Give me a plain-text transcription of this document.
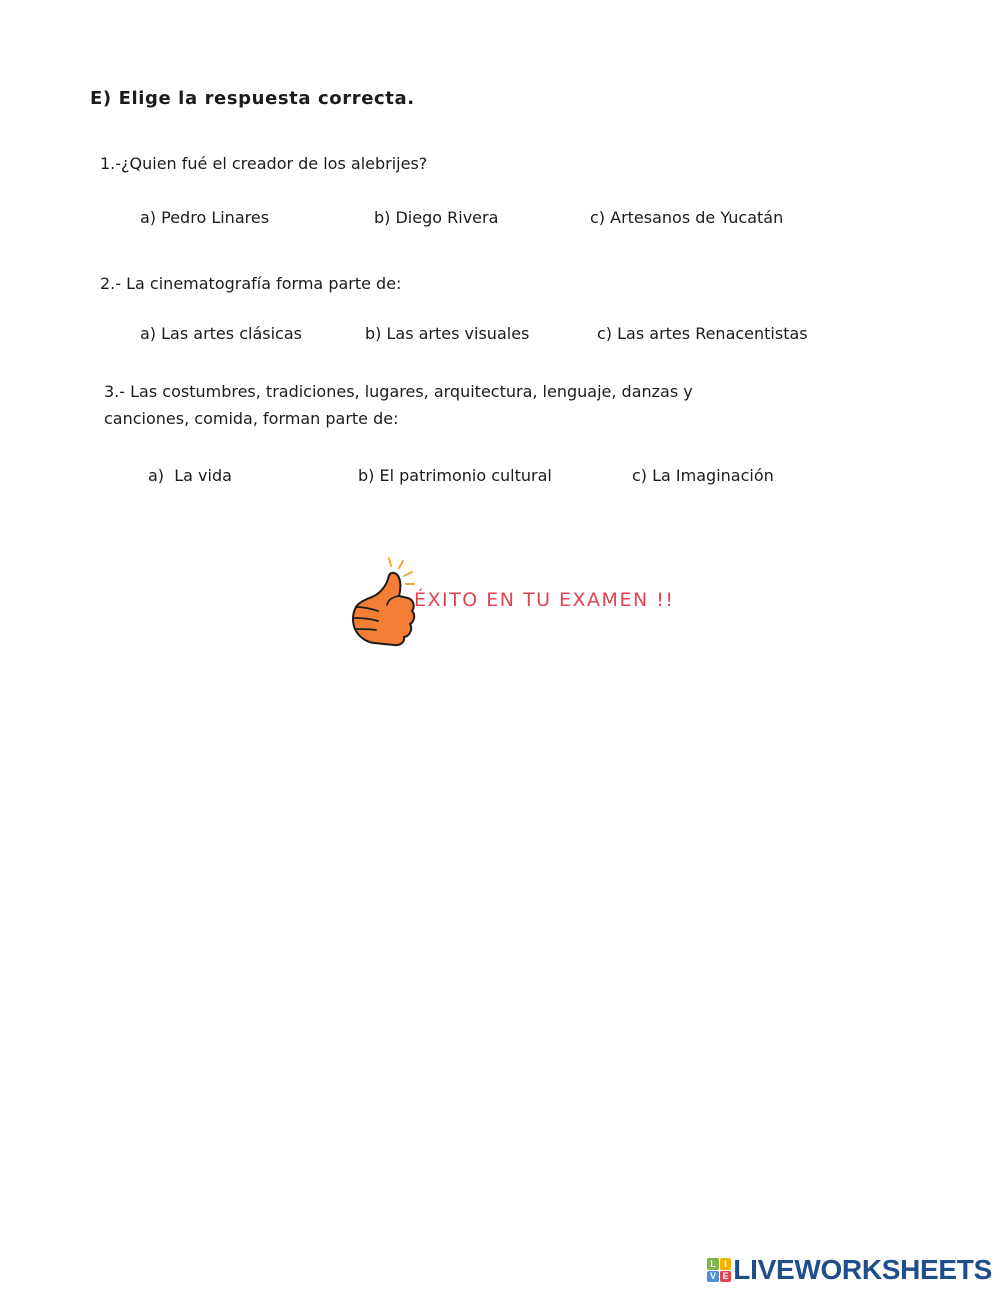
E) Elige la respuesta correcta.
1.-¿Quien fué el creador de los alebrijes?
a) Pedro Linares	b) Diego Rivera	c) Artesanos de Yucatán
2.- La cinematografía forma parte de:
a) Las artes clásicas	b) Las artes visuales	c) Las artes Renacentistas
3.- Las costumbres, tradiciones, lugares, arquitectura, lenguaje, danzas y
canciones, comida, forman parte de:
a)  La vida	b) El patrimonio cultural	c) La Imaginación
ÉXITO EN TU EXAMEN !!
L I
V E LIVEWORKSHEETS
